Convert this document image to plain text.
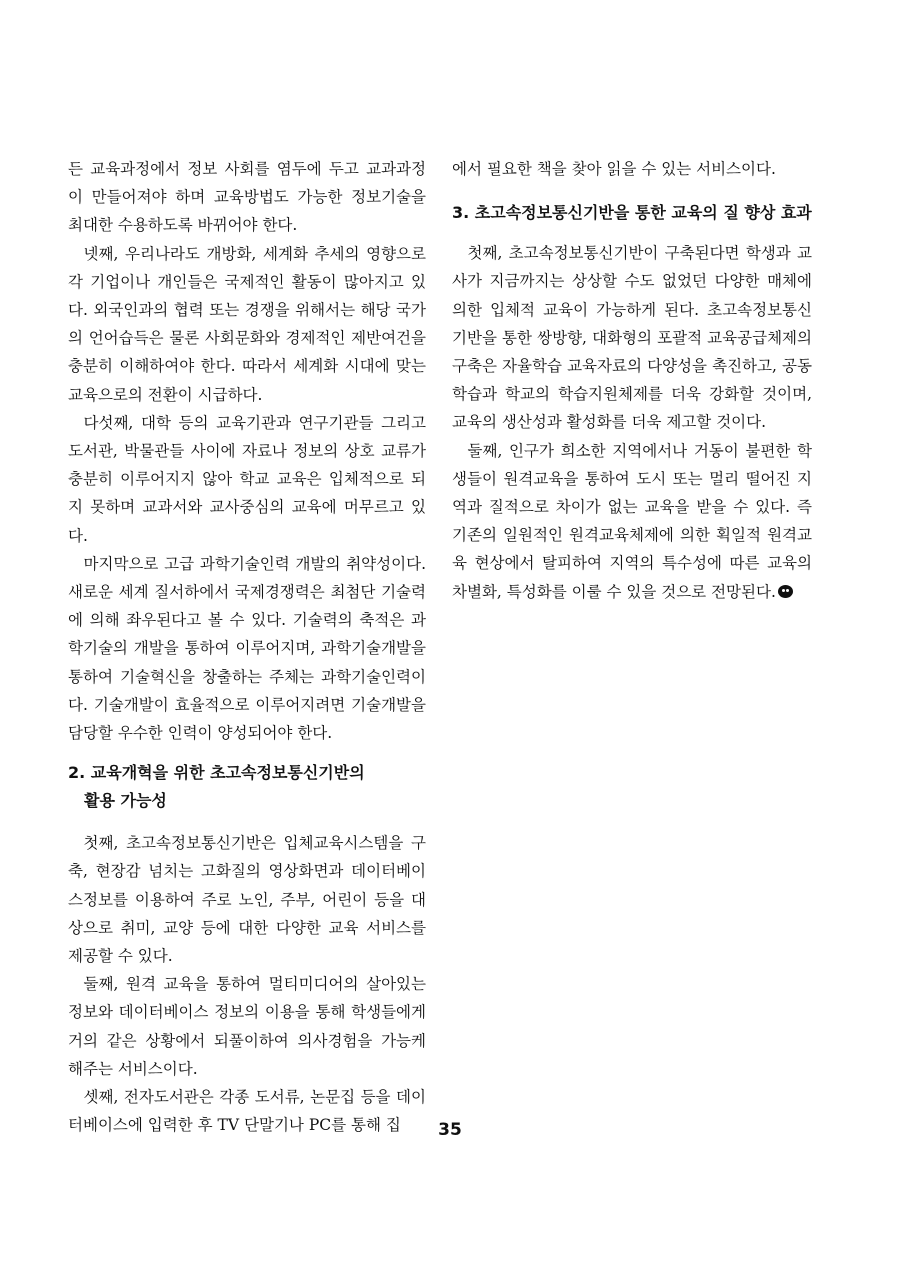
든 교육과정에서 정보 사회를 염두에 두고 교과과정이 만들어져야 하며 교육방법도 가능한 정보기술을 최대한 수용하도록 바뀌어야 한다.

넷째, 우리나라도 개방화, 세계화 추세의 영향으로 각 기업이나 개인들은 국제적인 활동이 많아지고 있다. 외국인과의 협력 또는 경쟁을 위해서는 해당 국가의 언어습득은 물론 사회문화와 경제적인 제반여건을 충분히 이해하여야 한다. 따라서 세계화 시대에 맞는 교육으로의 전환이 시급하다.

다섯째, 대학 등의 교육기관과 연구기관들 그리고 도서관, 박물관들 사이에 자료나 정보의 상호 교류가 충분히 이루어지지 않아 학교 교육은 입체적으로 되지 못하며 교과서와 교사중심의 교육에 머무르고 있다.

마지막으로 고급 과학기술인력 개발의 취약성이다. 새로운 세계 질서하에서 국제경쟁력은 최첨단 기술력에 의해 좌우된다고 볼 수 있다. 기술력의 축적은 과학기술의 개발을 통하여 이루어지며, 과학기술개발을 통하여 기술혁신을 창출하는 주체는 과학기술인력이다. 기술개발이 효율적으로 이루어지려면 기술개발을 담당할 우수한 인력이 양성되어야 한다.

2. 교육개혁을 위한 초고속정보통신기반의
활용 가능성

첫째, 초고속정보통신기반은 입체교육시스템을 구축, 현장감 넘치는 고화질의 영상화면과 데이터베이스정보를 이용하여 주로 노인, 주부, 어린이 등을 대상으로 취미, 교양 등에 대한 다양한 교육 서비스를 제공할 수 있다.

둘째, 원격 교육을 통하여 멀티미디어의 살아있는 정보와 데이터베이스 정보의 이용을 통해 학생들에게 거의 같은 상황에서 되풀이하여 의사경험을 가능케 해주는 서비스이다.

셋째, 전자도서관은 각종 도서류, 논문집 등을 데이터베이스에 입력한 후 TV 단말기나 PC를 통해 집

에서 필요한 책을 찾아 읽을 수 있는 서비스이다.

3. 초고속정보통신기반을 통한 교육의 질 향상 효과

첫째, 초고속정보통신기반이 구축된다면 학생과 교사가 지금까지는 상상할 수도 없었던 다양한 매체에 의한 입체적 교육이 가능하게 된다. 초고속정보통신 기반을 통한 쌍방향, 대화형의 포괄적 교육공급체제의 구축은 자율학습 교육자료의 다양성을 촉진하고, 공동 학습과 학교의 학습지원체제를 더욱 강화할 것이며, 교육의 생산성과 활성화를 더욱 제고할 것이다.

둘째, 인구가 희소한 지역에서나 거동이 불편한 학생들이 원격교육을 통하여 도시 또는 멀리 떨어진 지역과 질적으로 차이가 없는 교육을 받을 수 있다. 즉 기존의 일원적인 원격교육체제에 의한 획일적 원격교육 현상에서 탈피하여 지역의 특수성에 따른 교육의 차별화, 특성화를 이룰 수 있을 것으로 전망된다.

35
